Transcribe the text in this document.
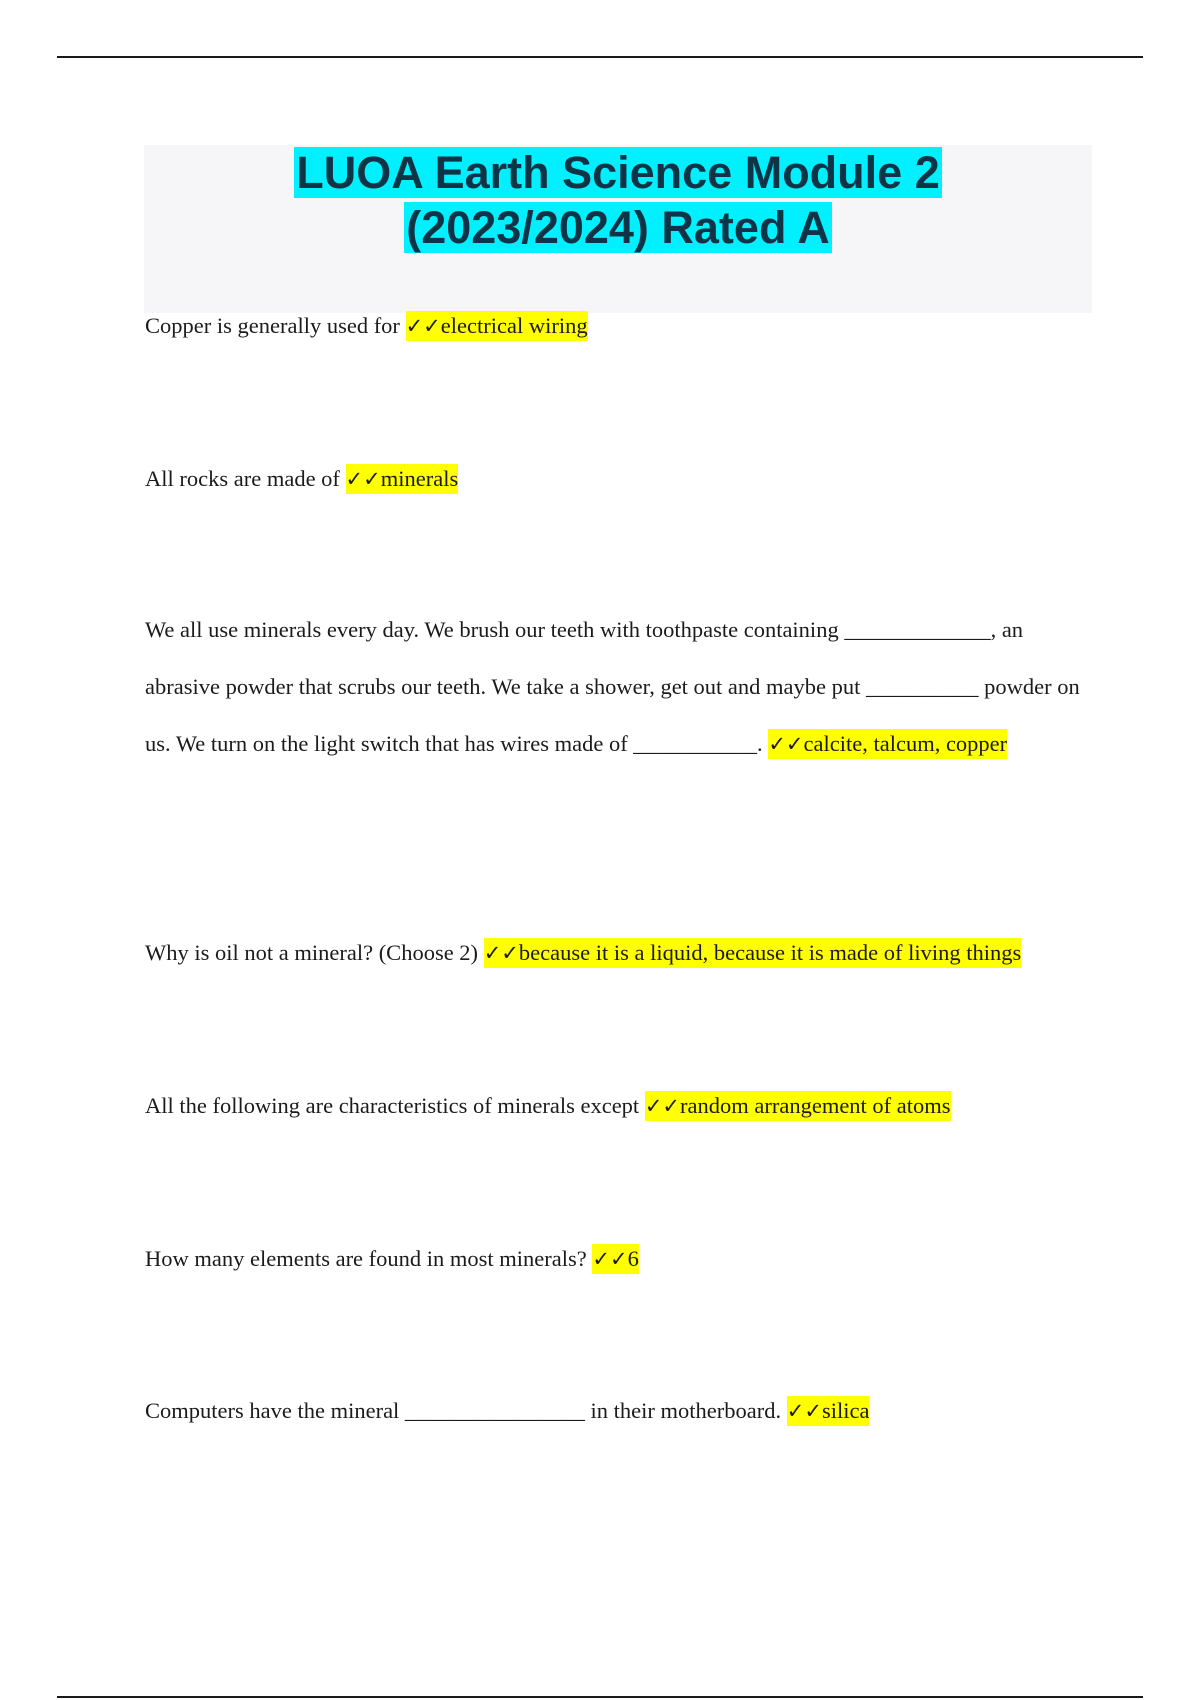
LUOA Earth Science Module 2
(2023/2024) Rated A

Copper is generally used for ✓✓electrical wiring

All rocks are made of ✓✓minerals

We all use minerals every day. We brush our teeth with toothpaste containing _____________, an abrasive powder that scrubs our teeth. We take a shower, get out and maybe put __________ powder on us. We turn on the light switch that has wires made of ___________. ✓✓calcite, talcum, copper

Why is oil not a mineral? (Choose 2) ✓✓because it is a liquid, because it is made of living things

All the following are characteristics of minerals except ✓✓random arrangement of atoms

How many elements are found in most minerals? ✓✓6

Computers have the mineral ________________ in their motherboard. ✓✓silica
